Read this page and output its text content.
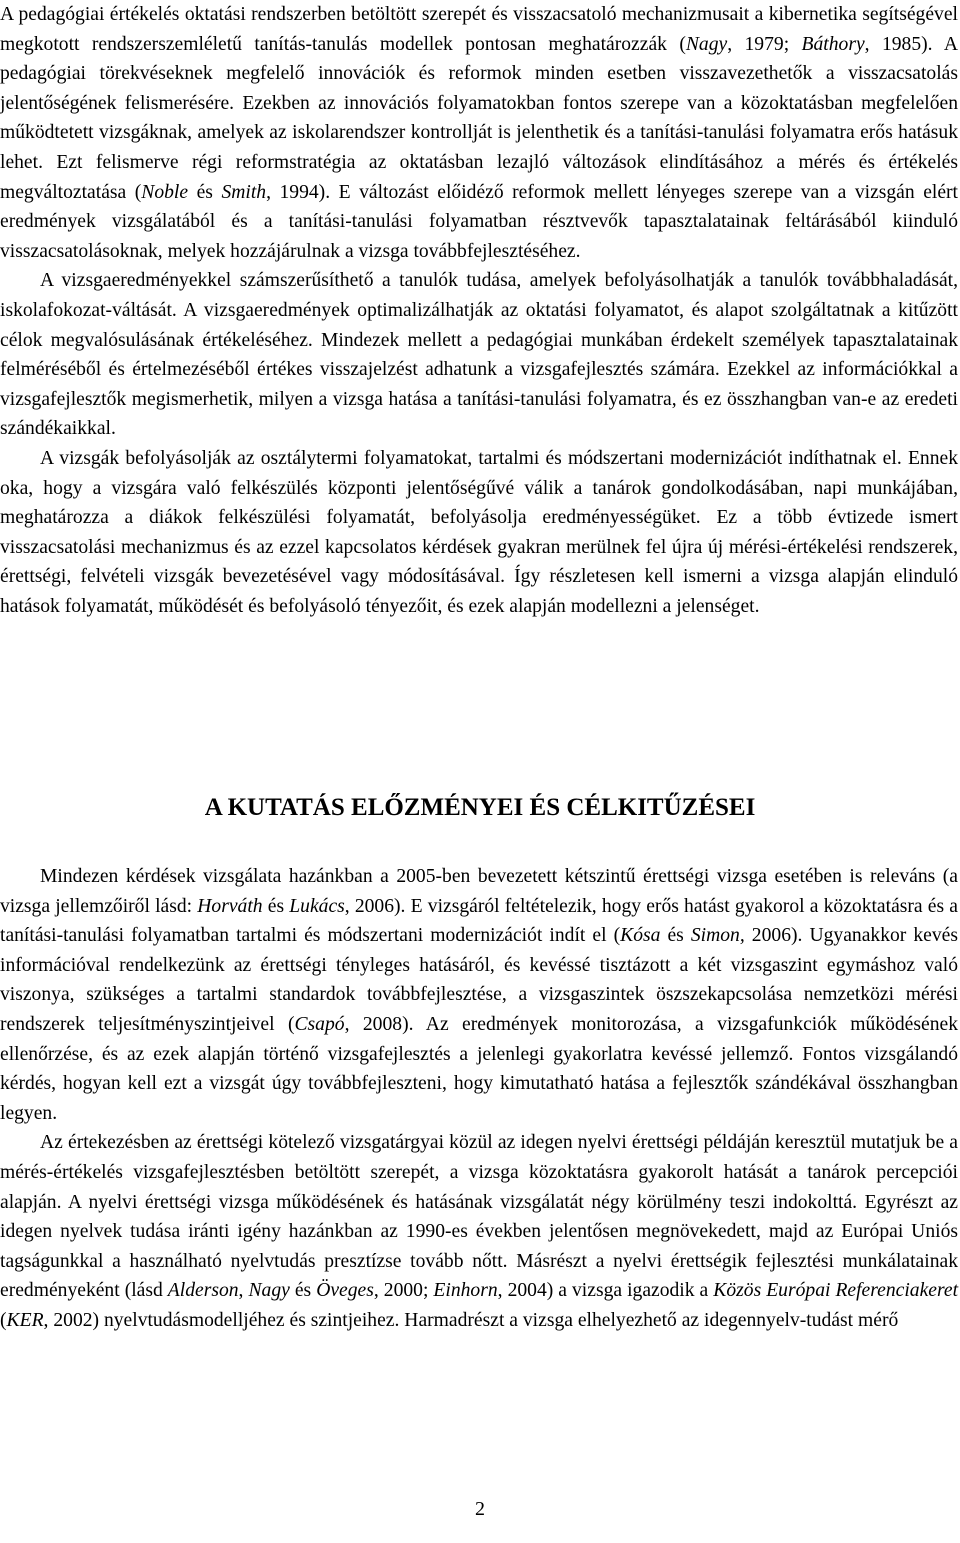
A pedagógiai értékelés oktatási rendszerben betöltött szerepét és visszacsatoló mechanizmusait a kibernetika segítségével megkotott rendszerszemléletű tanítás-tanulás modellek pontosan meghatározzák (Nagy, 1979; Báthory, 1985). A pedagógiai törekvéseknek megfelelő innovációk és reformok minden esetben visszavezethetők a visszacsatolás jelentőségének felismerésére. Ezekben az innovációs folyamatokban fontos szerepe van a közoktatásban megfelelően működtetett vizsgáknak, amelyek az iskolarendszer kontrollját is jelenthetik és a tanítási-tanulási folyamatra erős hatásuk lehet. Ezt felismerve régi reformstratégia az oktatásban lezajló változások elindításához a mérés és értékelés megváltoztatása (Noble és Smith, 1994). E változást előidéző reformok mellett lényeges szerepe van a vizsgán elért eredmények vizsgálatából és a tanítási-tanulási folyamatban résztvevők tapasztalatainak feltárásából kiinduló visszacsatolásoknak, melyek hozzájárulnak a vizsga továbbfejlesztéséhez.

A vizsgaeredményekkel számszerűsíthető a tanulók tudása, amelyek befolyásolhatják a tanulók továbbhaladását, iskolafokozat-váltását. A vizsgaeredmények optimalizálhatják az oktatási folyamatot, és alapot szolgáltatnak a kitűzött célok megvalósulásának értékeléséhez. Mindezek mellett a pedagógiai munkában érdekelt személyek tapasztalatainak felméréséből és értelmezéséből értékes visszajelzést adhatunk a vizsgafejlesztés számára. Ezekkel az információkkal a vizsgafejlesztők megismerhetik, milyen a vizsga hatása a tanítási-tanulási folyamatra, és ez összhangban van-e az eredeti szándékaikkal.

A vizsgák befolyásolják az osztálytermi folyamatokat, tartalmi és módszertani modernizációt indíthatnak el. Ennek oka, hogy a vizsgára való felkészülés központi jelentőségűvé válik a tanárok gondolkodásában, napi munkájában, meghatározza a diákok felkészülési folyamatát, befolyásolja eredményességüket. Ez a több évtizede ismert visszacsatolási mechanizmus és az ezzel kapcsolatos kérdések gyakran merülnek fel újra új mérési-értékelési rendszerek, érettségi, felvételi vizsgák bevezetésével vagy módosításával. Így részletesen kell ismerni a vizsga alapján elinduló hatások folyamatát, működését és befolyásoló tényezőit, és ezek alapján modellezni a jelenséget.

A KUTATÁS ELŐZMÉNYEI ÉS CÉLKITŰZÉSEI

Mindezen kérdések vizsgálata hazánkban a 2005-ben bevezetett kétszintű érettségi vizsga esetében is releváns (a vizsga jellemzőiről lásd: Horváth és Lukács, 2006). E vizsgáról feltételezik, hogy erős hatást gyakorol a közoktatásra és a tanítási-tanulási folyamatban tartalmi és módszertani modernizációt indít el (Kósa és Simon, 2006). Ugyanakkor kevés információval rendelkezünk az érettségi tényleges hatásáról, és kevéssé tisztázott a két vizsgaszint egymáshoz való viszonya, szükséges a tartalmi standardok továbbfejlesztése, a vizsgaszintek öszszekapcsolása nemzetközi mérési rendszerek teljesítményszintjeivel (Csapó, 2008). Az eredmények monitorozása, a vizsgafunkciók működésének ellenőrzése, és az ezek alapján történő vizsgafejlesztés a jelenlegi gyakorlatra kevéssé jellemző. Fontos vizsgálandó kérdés, hogyan kell ezt a vizsgát úgy továbbfejleszteni, hogy kimutatható hatása a fejlesztők szándékával összhangban legyen.

Az értekezésben az érettségi kötelező vizsgatárgyai közül az idegen nyelvi érettségi példáján keresztül mutatjuk be a mérés-értékelés vizsgafejlesztésben betöltött szerepét, a vizsga közoktatásra gyakorolt hatását a tanárok percepciói alapján. A nyelvi érettségi vizsga működésének és hatásának vizsgálatát négy körülmény teszi indokolttá. Egyrészt az idegen nyelvek tudása iránti igény hazánkban az 1990-es években jelentősen megnövekedett, majd az Európai Uniós tagságunkkal a használható nyelvtudás presztízse tovább nőtt. Másrészt a nyelvi érettségik fejlesztési munkálatainak eredményeként (lásd Alderson, Nagy és Öveges, 2000; Einhorn, 2004) a vizsga igazodik a Közös Európai Referenciakeret (KER, 2002) nyelvtudásmodelljéhez és szintjeihez. Harmadrészt a vizsga elhelyezhető az idegennyelv-tudást mérő

2
